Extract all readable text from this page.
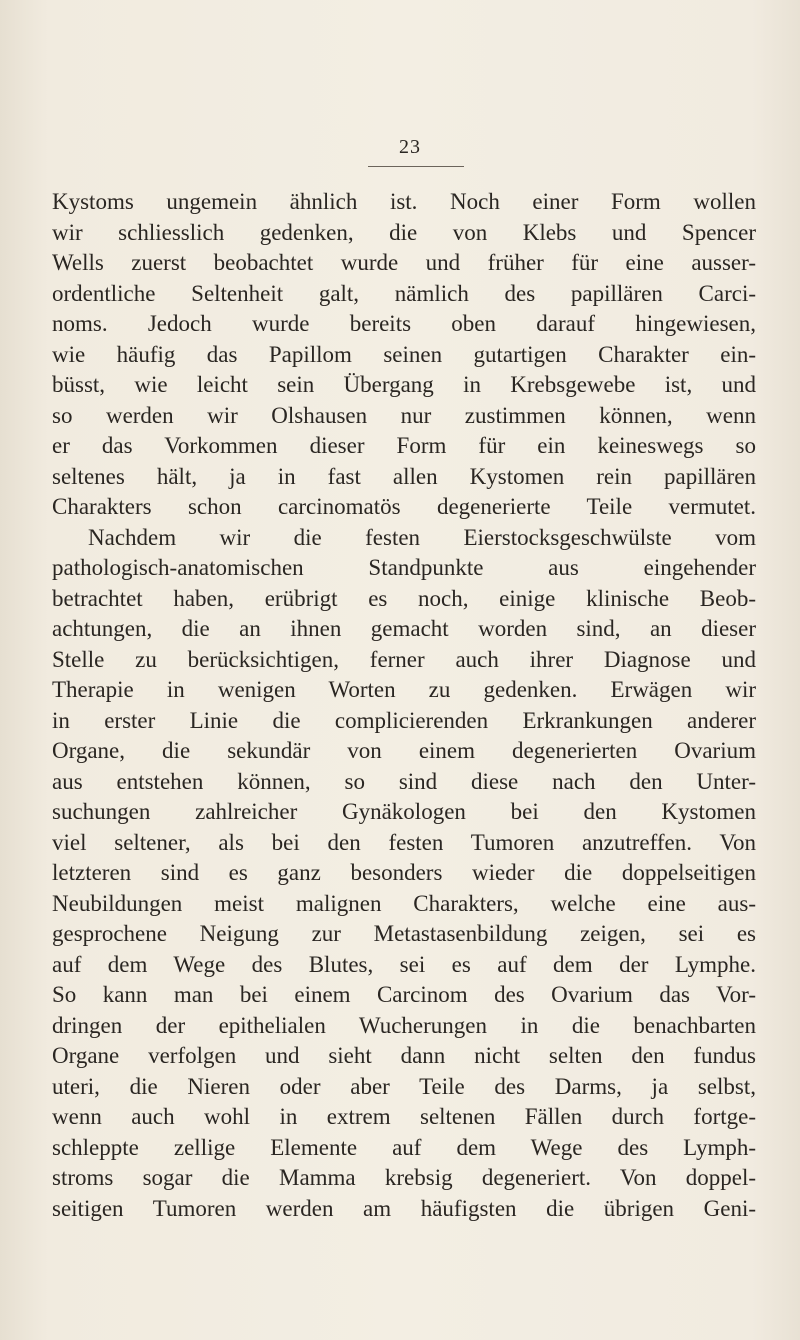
23
Kystoms ungemein ähnlich ist. Noch einer Form wollen
wir schliesslich gedenken, die von Klebs und Spencer
Wells zuerst beobachtet wurde und früher für eine ausser-
ordentliche Seltenheit galt, nämlich des papillären Carci-
noms. Jedoch wurde bereits oben darauf hingewiesen,
wie häufig das Papillom seinen gutartigen Charakter ein-
büsst, wie leicht sein Übergang in Krebsgewebe ist, und
so werden wir Olshausen nur zustimmen können, wenn
er das Vorkommen dieser Form für ein keineswegs so
seltenes hält, ja in fast allen Kystomen rein papillären
Charakters schon carcinomatös degenerierte Teile vermutet.
Nachdem wir die festen Eierstocksgeschwülste vom
pathologisch-anatomischen Standpunkte aus eingehender
betrachtet haben, erübrigt es noch, einige klinische Beob-
achtungen, die an ihnen gemacht worden sind, an dieser
Stelle zu berücksichtigen, ferner auch ihrer Diagnose und
Therapie in wenigen Worten zu gedenken. Erwägen wir
in erster Linie die complicierenden Erkrankungen anderer
Organe, die sekundär von einem degenerierten Ovarium
aus entstehen können, so sind diese nach den Unter-
suchungen zahlreicher Gynäkologen bei den Kystomen
viel seltener, als bei den festen Tumoren anzutreffen. Von
letzteren sind es ganz besonders wieder die doppelseitigen
Neubildungen meist malignen Charakters, welche eine aus-
gesprochene Neigung zur Metastasenbildung zeigen, sei es
auf dem Wege des Blutes, sei es auf dem der Lymphe.
So kann man bei einem Carcinom des Ovarium das Vor-
dringen der epithelialen Wucherungen in die benachbarten
Organe verfolgen und sieht dann nicht selten den fundus
uteri, die Nieren oder aber Teile des Darms, ja selbst,
wenn auch wohl in extrem seltenen Fällen durch fortge-
schleppte zellige Elemente auf dem Wege des Lymph-
stroms sogar die Mamma krebsig degeneriert. Von doppel-
seitigen Tumoren werden am häufigsten die übrigen Geni-
